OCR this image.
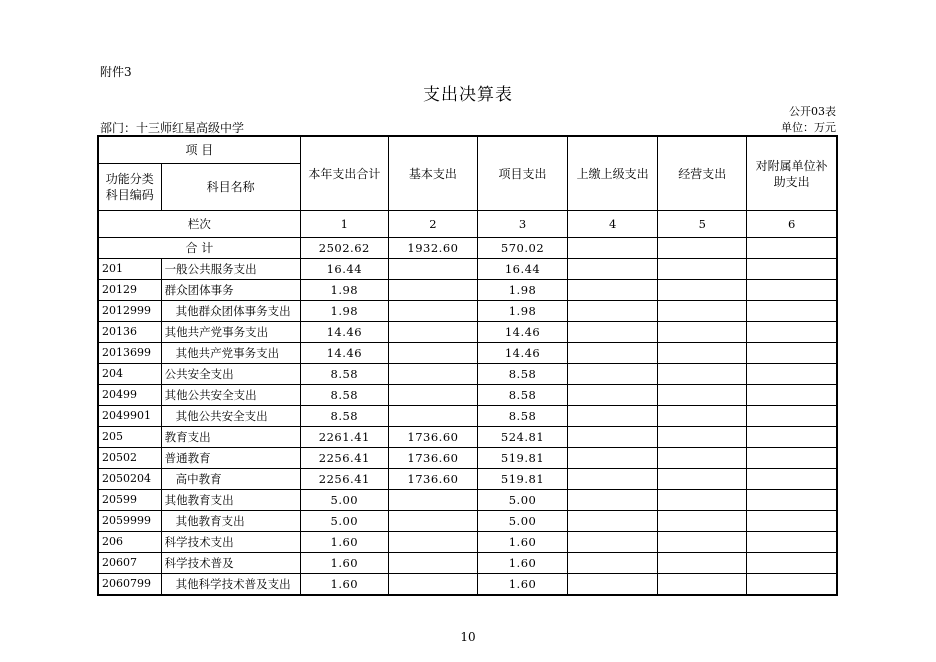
附件3
支出决算表
公开03表
部门：十三师红星高级中学	单位：万元
项 目		本年支出合计	基本支出	项目支出	上缴上级支出	经营支出	对附属单位补助支出
功能分类
科目编码	科目名称						
栏次		1	2	3	4	5	6
合 计		2502.62	1932.60	570.02			
201	一般公共服务支出	16.44		16.44			
20129	群众团体事务	1.98		1.98			
2012999	其他群众团体事务支出	1.98		1.98			
20136	其他共产党事务支出	14.46		14.46			
2013699	其他共产党事务支出	14.46		14.46			
204	公共安全支出	8.58		8.58			
20499	其他公共安全支出	8.58		8.58			
2049901	其他公共安全支出	8.58		8.58			
205	教育支出	2261.41	1736.60	524.81			
20502	普通教育	2256.41	1736.60	519.81			
2050204	高中教育	2256.41	1736.60	519.81			
20599	其他教育支出	5.00		5.00			
2059999	其他教育支出	5.00		5.00			
206	科学技术支出	1.60		1.60			
20607	科学技术普及	1.60		1.60			
2060799	其他科学技术普及支出	1.60		1.60			
10
